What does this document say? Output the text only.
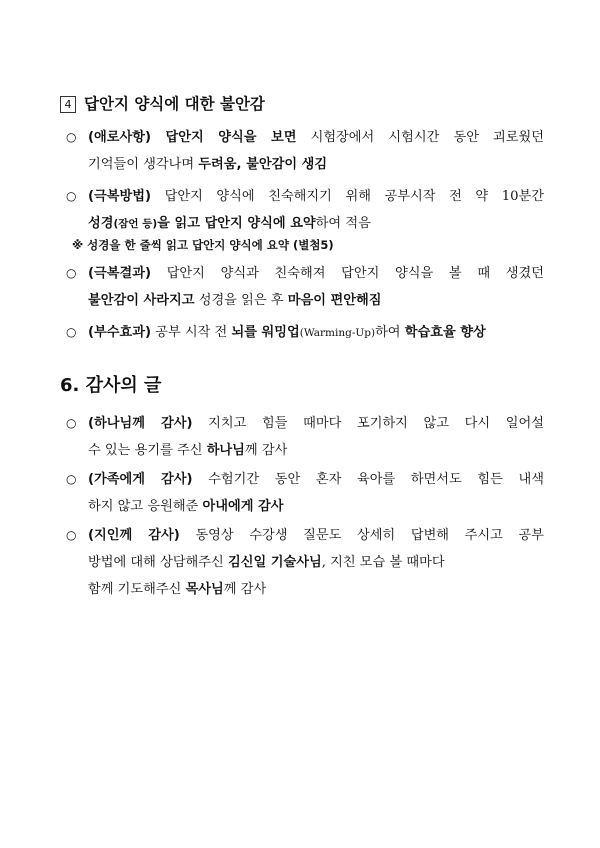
4 답안지 양식에 대한 불안감
○ (애로사항) 답안지 양식을 보면 시험장에서 시험시간 동안 괴로웠던
기억들이 생각나며 두려움, 불안감이 생김
○ (극복방법) 답안지 양식에 친숙해지기 위해 공부시작 전 약 10분간
성경(잠언 등)을 읽고 답안지 양식에 요약하여 적음
※ 성경을 한 줄씩 읽고 답안지 양식에 요약 (별첨5)
○ (극복결과) 답안지 양식과 친숙해져 답안지 양식을 볼 때 생겼던
불안감이 사라지고 성경을 읽은 후 마음이 편안해짐
○ (부수효과) 공부 시작 전 뇌를 워밍업(Warming-Up)하여 학습효율 향상
6. 감사의 글
○ (하나님께 감사) 지치고 힘들 때마다 포기하지 않고 다시 일어설
수 있는 용기를 주신 하나님께 감사
○ (가족에게 감사) 수험기간 동안 혼자 육아를 하면서도 힘든 내색
하지 않고 응원해준 아내에게 감사
○ (지인께 감사) 동영상 수강생 질문도 상세히 답변해 주시고 공부
방법에 대해 상담해주신 김신일 기술사님, 지친 모습 볼 때마다
함께 기도해주신 목사님께 감사
